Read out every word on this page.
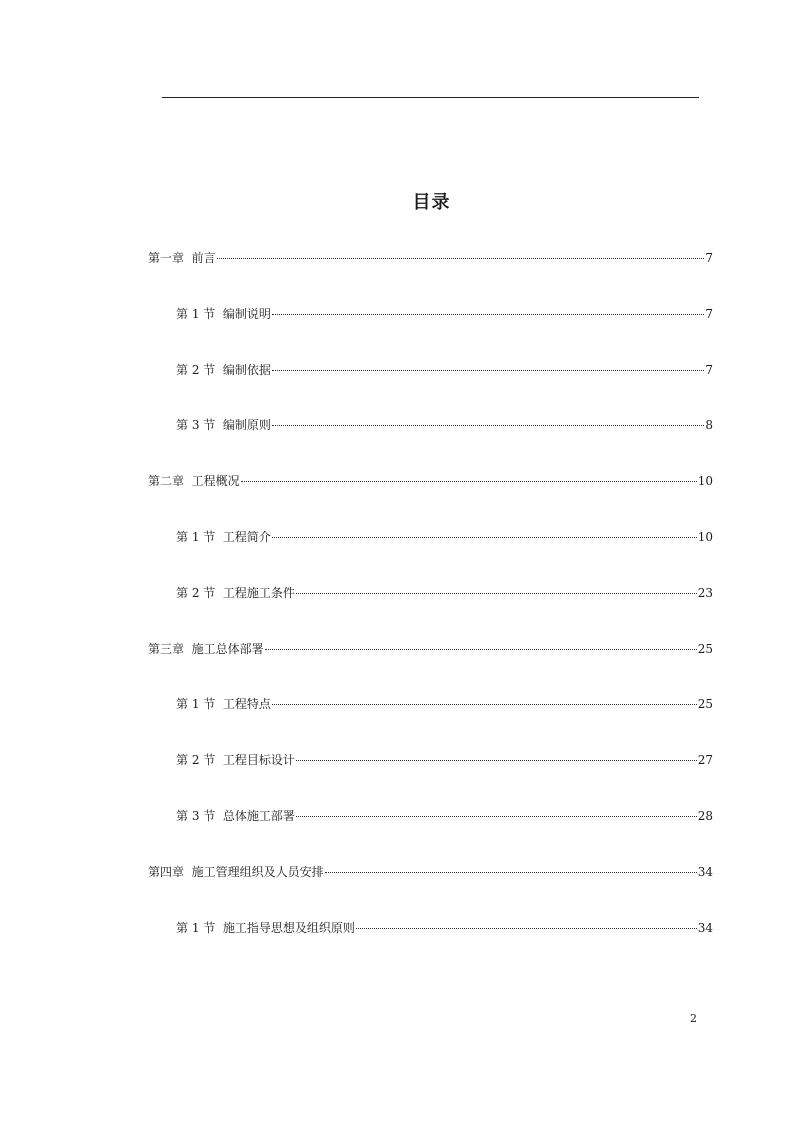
目录
第一章  前言	7
第 1 节  编制说明	7
第 2 节  编制依据	7
第 3 节  编制原则	8
第二章  工程概况	10
第 1 节  工程简介	10
第 2 节  工程施工条件	23
第三章  施工总体部署	25
第 1 节  工程特点	25
第 2 节  工程目标设计	27
第 3 节  总体施工部署	28
第四章  施工管理组织及人员安排	34
第 1 节  施工指导思想及组织原则	34
2
